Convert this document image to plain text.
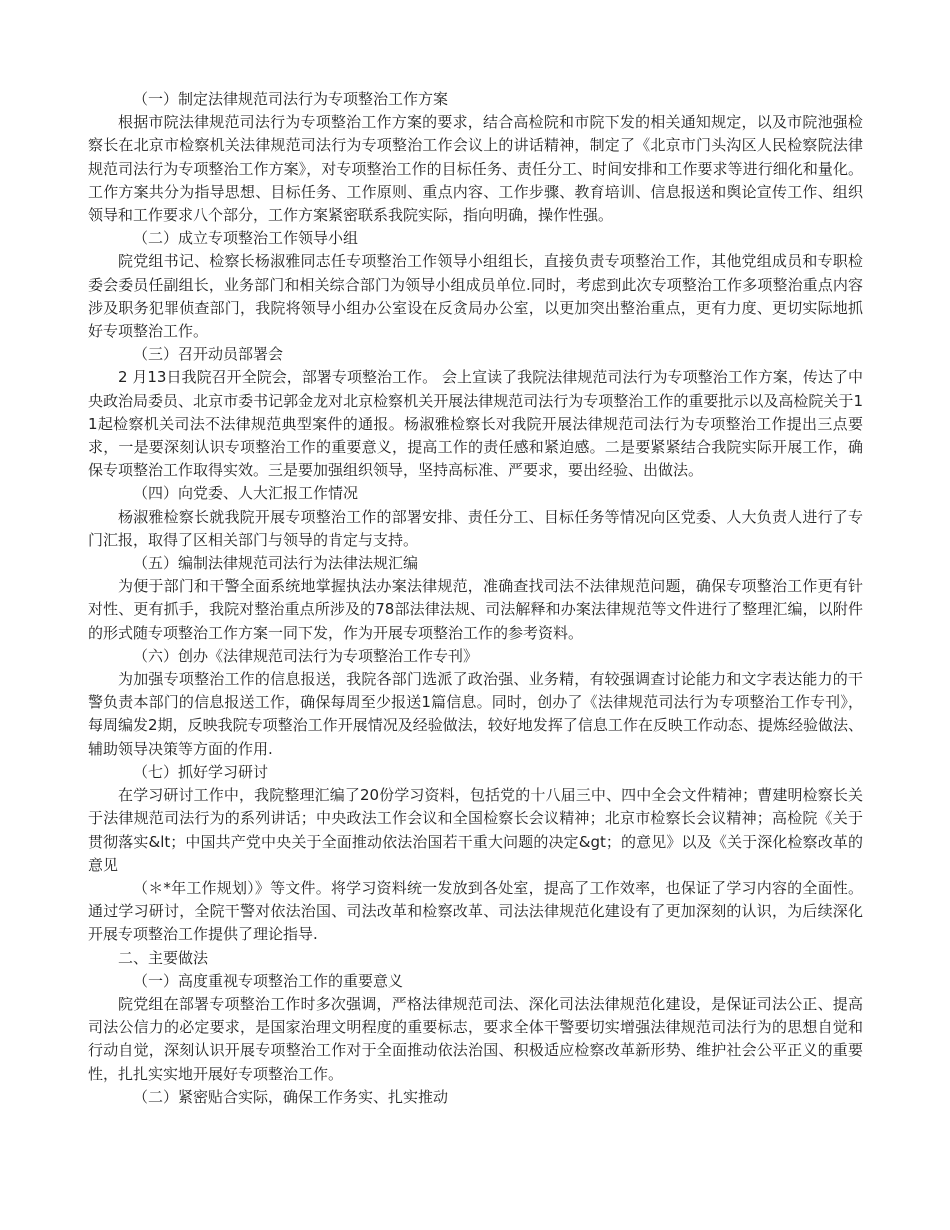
（一）制定法律规范司法行为专项整治工作方案

根据市院法律规范司法行为专项整治工作方案的要求，结合高检院和市院下发的相关通知规定，以及市院池强检察长在北京市检察机关法律规范司法行为专项整治工作会议上的讲话精神，制定了《北京市门头沟区人民检察院法律规范司法行为专项整治工作方案》，对专项整治工作的目标任务、责任分工、时间安排和工作要求等进行细化和量化。工作方案共分为指导思想、目标任务、工作原则、重点内容、工作步骤、教育培训、信息报送和舆论宣传工作、组织领导和工作要求八个部分，工作方案紧密联系我院实际，指向明确，操作性强。

（二）成立专项整治工作领导小组

院党组书记、检察长杨淑雅同志任专项整治工作领导小组组长，直接负责专项整治工作，其他党组成员和专职检委会委员任副组长，业务部门和相关综合部门为领导小组成员单位.同时，考虑到此次专项整治工作多项整治重点内容涉及职务犯罪侦查部门，我院将领导小组办公室设在反贪局办公室，以更加突出整治重点，更有力度、更切实际地抓好专项整治工作。

（三）召开动员部署会

2 月13日我院召开全院会，部署专项整治工作。 会上宣读了我院法律规范司法行为专项整治工作方案，传达了中央政治局委员、北京市委书记郭金龙对北京检察机关开展法律规范司法行为专项整治工作的重要批示以及高检院关于11起检察机关司法不法律规范典型案件的通报。杨淑雅检察长对我院开展法律规范司法行为专项整治工作提出三点要求，一是要深刻认识专项整治工作的重要意义，提高工作的责任感和紧迫感。二是要紧紧结合我院实际开展工作，确保专项整治工作取得实效。三是要加强组织领导，坚持高标准、严要求，要出经验、出做法。

（四）向党委、人大汇报工作情况

杨淑雅检察长就我院开展专项整治工作的部署安排、责任分工、目标任务等情况向区党委、人大负责人进行了专门汇报，取得了区相关部门与领导的肯定与支持。

（五）编制法律规范司法行为法律法规汇编

为便于部门和干警全面系统地掌握执法办案法律规范，准确查找司法不法律规范问题，确保专项整治工作更有针对性、更有抓手，我院对整治重点所涉及的78部法律法规、司法解释和办案法律规范等文件进行了整理汇编，以附件的形式随专项整治工作方案一同下发，作为开展专项整治工作的参考资料。

（六）创办《法律规范司法行为专项整治工作专刊》

为加强专项整治工作的信息报送，我院各部门选派了政治强、业务精，有较强调查讨论能力和文字表达能力的干警负责本部门的信息报送工作，确保每周至少报送1篇信息。同时，创办了《法律规范司法行为专项整治工作专刊》，每周编发2期，反映我院专项整治工作开展情况及经验做法，较好地发挥了信息工作在反映工作动态、提炼经验做法、辅助领导决策等方面的作用.

（七）抓好学习研讨

在学习研讨工作中，我院整理汇编了20份学习资料，包括党的十八届三中、四中全会文件精神；曹建明检察长关于法律规范司法行为的系列讲话；中央政法工作会议和全国检察长会议精神；北京市检察长会议精神；高检院《关于贯彻落实&lt；中国共产党中央关于全面推动依法治国若干重大问题的决定&gt；的意见》以及《关于深化检察改革的意见

（＊*年工作规划）》等文件。将学习资料统一发放到各处室，提高了工作效率，也保证了学习内容的全面性。通过学习研讨，全院干警对依法治国、司法改革和检察改革、司法法律规范化建设有了更加深刻的认识，为后续深化开展专项整治工作提供了理论指导.

二、主要做法

（一）高度重视专项整治工作的重要意义

院党组在部署专项整治工作时多次强调，严格法律规范司法、深化司法法律规范化建设，是保证司法公正、提高司法公信力的必定要求，是国家治理文明程度的重要标志，要求全体干警要切实增强法律规范司法行为的思想自觉和行动自觉，深刻认识开展专项整治工作对于全面推动依法治国、积极适应检察改革新形势、维护社会公平正义的重要性，扎扎实实地开展好专项整治工作。

（二）紧密贴合实际，确保工作务实、扎实推动
